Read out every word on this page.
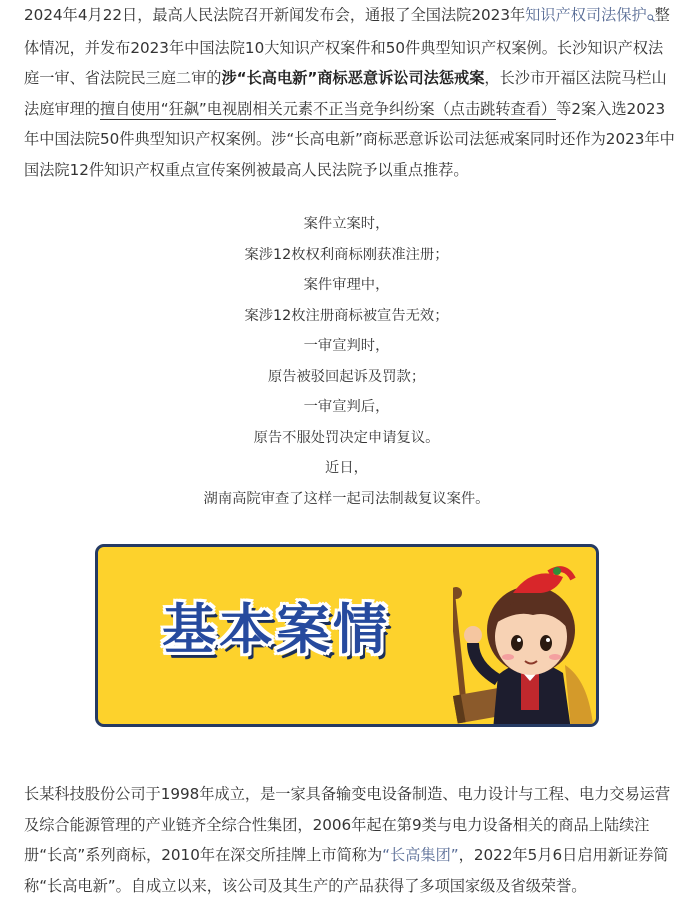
2024年4月22日，最高人民法院召开新闻发布会，通报了全国法院2023年知识产权司法保护 整体情况，并发布2023年中国法院10大知识产权案件和50件典型知识产权案例。长沙知识产权法庭一审、省法院民三庭二审的涉“长高电新”商标恶意诉讼司法惩戒案，长沙市开福区法院马栏山法庭审理的擅自使用“狂飙”电视剧相关元素不正当竞争纠纷案（点击跳转查看）等2案入选2023年中国法院50件典型知识产权案例。涉“长高电新”商标恶意诉讼司法惩戒案同时还作为2023年中国法院12件知识产权重点宣传案例被最高人民法院予以重点推荐。

案件立案时，
案涉12枚权利商标刚获准注册；
案件审理中，
案涉12枚注册商标被宣告无效；
一审宣判时，
原告被驳回起诉及罚款；
一审宣判后，
原告不服处罚决定申请复议。
近日，
湖南高院审查了这样一起司法制裁复议案件。
基本案情

长某科技股份公司于1998年成立，是一家具备输变电设备制造、电力设计与工程、电力交易运营及综合能源管理的产业链齐全综合性集团，2006年起在第9类与电力设备相关的商品上陆续注册“长高”系列商标，2010年在深交所挂牌上市简称为“长高集团”，2022年5月6日启用新证券简称“长高电新”。自成立以来，该公司及其生产的产品获得了多项国家级及省级荣誉。
